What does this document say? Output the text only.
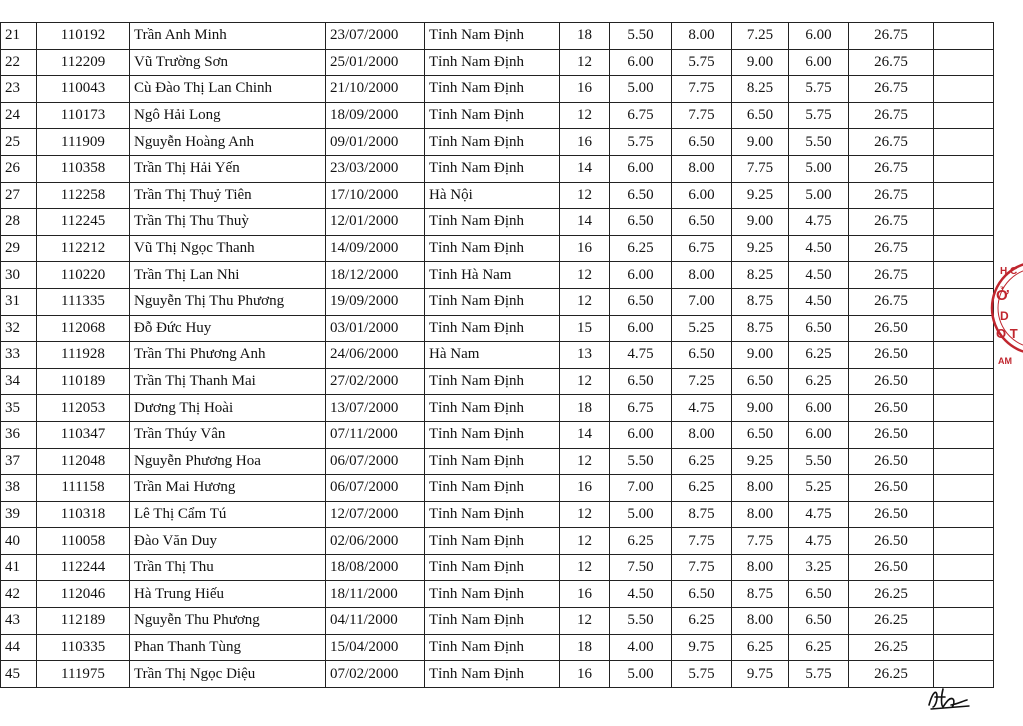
21	110192	Trần Anh Minh	23/07/2000	Tỉnh Nam Định	18	5.50	8.00	7.25	6.00	26.75	
22	112209	Vũ Trường Sơn	25/01/2000	Tỉnh Nam Định	12	6.00	5.75	9.00	6.00	26.75	
23	110043	Cù Đào Thị Lan Chinh	21/10/2000	Tỉnh Nam Định	16	5.00	7.75	8.25	5.75	26.75	
24	110173	Ngô Hải Long	18/09/2000	Tỉnh Nam Định	12	6.75	7.75	6.50	5.75	26.75	
25	111909	Nguyễn Hoàng Anh	09/01/2000	Tỉnh Nam Định	16	5.75	6.50	9.00	5.50	26.75	
26	110358	Trần Thị Hải Yến	23/03/2000	Tỉnh Nam Định	14	6.00	8.00	7.75	5.00	26.75	
27	112258	Trần Thị Thuỷ Tiên	17/10/2000	Hà Nội	12	6.50	6.00	9.25	5.00	26.75	
28	112245	Trần Thị Thu Thuỳ	12/01/2000	Tỉnh Nam Định	14	6.50	6.50	9.00	4.75	26.75	
29	112212	Vũ Thị Ngọc Thanh	14/09/2000	Tỉnh Nam Định	16	6.25	6.75	9.25	4.50	26.75	
30	110220	Trần Thị Lan Nhi	18/12/2000	Tỉnh Hà Nam	12	6.00	8.00	8.25	4.50	26.75	
31	111335	Nguyễn Thị Thu Phương	19/09/2000	Tỉnh Nam Định	12	6.50	7.00	8.75	4.50	26.75	
32	112068	Đỗ Đức Huy	03/01/2000	Tỉnh Nam Định	15	6.00	5.25	8.75	6.50	26.50	
33	111928	Trần Thi Phương Anh	24/06/2000	Hà Nam	13	4.75	6.50	9.00	6.25	26.50	
34	110189	Trần Thị Thanh Mai	27/02/2000	Tỉnh Nam Định	12	6.50	7.25	6.50	6.25	26.50	
35	112053	Dương Thị Hoài	13/07/2000	Tỉnh Nam Định	18	6.75	4.75	9.00	6.00	26.50	
36	110347	Trần Thúy Vân	07/11/2000	Tỉnh Nam Định	14	6.00	8.00	6.50	6.00	26.50	
37	112048	Nguyễn Phương Hoa	06/07/2000	Tỉnh Nam Định	12	5.50	6.25	9.25	5.50	26.50	
38	111158	Trần Mai Hương	06/07/2000	Tỉnh Nam Định	16	7.00	6.25	8.00	5.25	26.50	
39	110318	Lê Thị Cẩm Tú	12/07/2000	Tỉnh Nam Định	12	5.00	8.75	8.00	4.75	26.50	
40	110058	Đào Văn Duy	02/06/2000	Tỉnh Nam Định	12	6.25	7.75	7.75	4.75	26.50	
41	112244	Trần Thị Thu	18/08/2000	Tỉnh Nam Định	12	7.50	7.75	8.00	3.25	26.50	
42	112046	Hà Trung Hiếu	18/11/2000	Tỉnh Nam Định	16	4.50	6.50	8.75	6.50	26.25	
43	112189	Nguyễn Thu Phương	04/11/2000	Tỉnh Nam Định	12	5.50	6.25	8.00	6.50	26.25	
44	110335	Phan Thanh Tùng	15/04/2000	Tỉnh Nam Định	18	4.00	9.75	6.25	6.25	26.25	
45	111975	Trần Thị Ngọc Diệu	07/02/2000	Tỉnh Nam Định	16	5.00	5.75	9.75	5.75	26.25	
H.C
Ở
D
O T
AM
